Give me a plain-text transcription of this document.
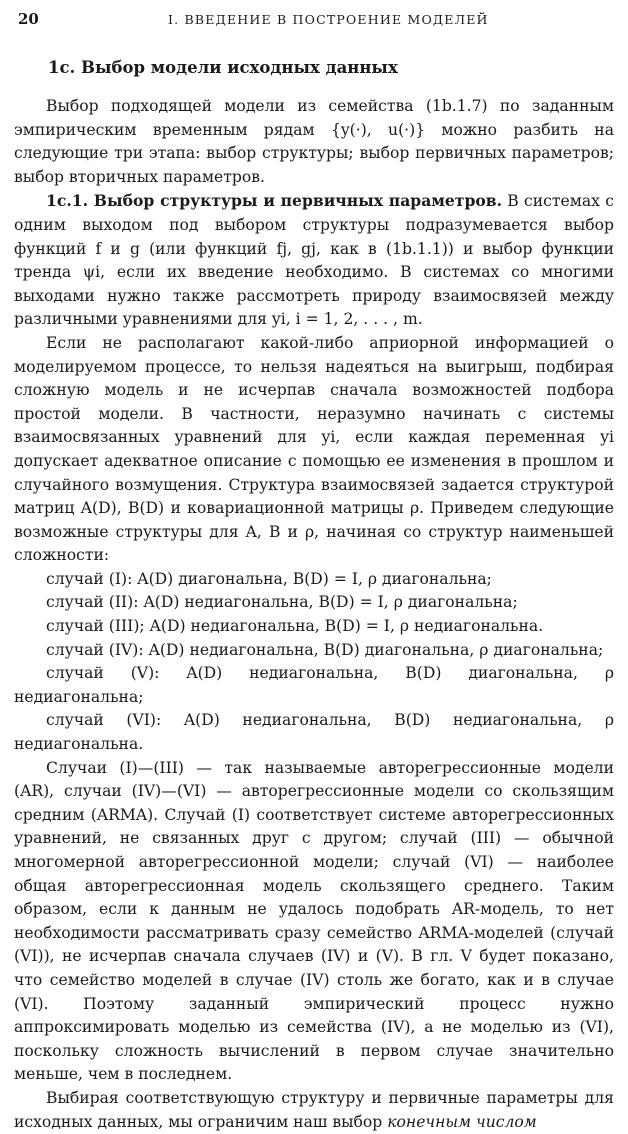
20	I. ВВЕДЕНИЕ В ПОСТРОЕНИЕ МОДЕЛЕЙ
1с. Выбор модели исходных данных

Выбор подходящей модели из семейства (1b.1.7) по заданным эмпирическим временным рядам {y(·), u(·)} можно разбить на следующие три этапа: выбор структуры; выбор первичных параметров; выбор вторичных параметров.

1с.1. Выбор структуры и первичных параметров. В системах с одним выходом под выбором структуры подразумевается выбор функций f и g (или функций fj, gj, как в (1b.1.1)) и выбор функции тренда ψi, если их введение необходимо. В системах со многими выходами нужно также рассмотреть природу взаимосвязей между различными уравнениями для yi, i = 1, 2, . . . , m.

Если не располагают какой-либо априорной информацией о моделируемом процессе, то нельзя надеяться на выигрыш, подбирая сложную модель и не исчерпав сначала возможностей подбора простой модели. В частности, неразумно начинать с системы взаимосвязанных уравнений для yi, если каждая переменная yi допускает адекватное описание с помощью ее изменения в прошлом и случайного возмущения. Структура взаимосвязей задается структурой матриц A(D), B(D) и ковариационной матрицы ρ. Приведем следующие возможные структуры для A, B и ρ, начиная со структур наименьшей сложности:

случай (I): A(D) диагональна, B(D) = I, ρ диагональна;

случай (II): A(D) недиагональна, B(D) = I, ρ диагональна;

случай (III); A(D) недиагональна, B(D) = I, ρ недиагональна.

случай (IV): A(D) недиагональна, B(D) диагональна, ρ диагональна;

случай (V): A(D) недиагональна, B(D) диагональна, ρ недиагональна;

случай (VI): A(D) недиагональна, B(D) недиагональна, ρ недиагональна.

Случаи (I)—(III) — так называемые авторегрессионные модели (AR), случаи (IV)—(VI) — авторегрессионные модели со скользящим средним (ARMA). Случай (I) соответствует системе авторегрессионных уравнений, не связанных друг с другом; случай (III) — обычной многомерной авторегрессионной модели; случай (VI) — наиболее общая авторегрессионная модель скользящего среднего. Таким образом, если к данным не удалось подобрать AR-модель, то нет необходимости рассматривать сразу семейство ARMA-моделей (случай (VI)), не исчерпав сначала случаев (IV) и (V). В гл. V будет показано, что семейство моделей в случае (IV) столь же богато, как и в случае (VI). Поэтому заданный эмпирический процесс нужно аппроксимировать моделью из семейства (IV), а не моделью из (VI), поскольку сложность вычислений в первом случае значительно меньше, чем в последнем.

Выбирая соответствующую структуру и первичные параметры для исходных данных, мы ограничим наш выбор конечным числом
